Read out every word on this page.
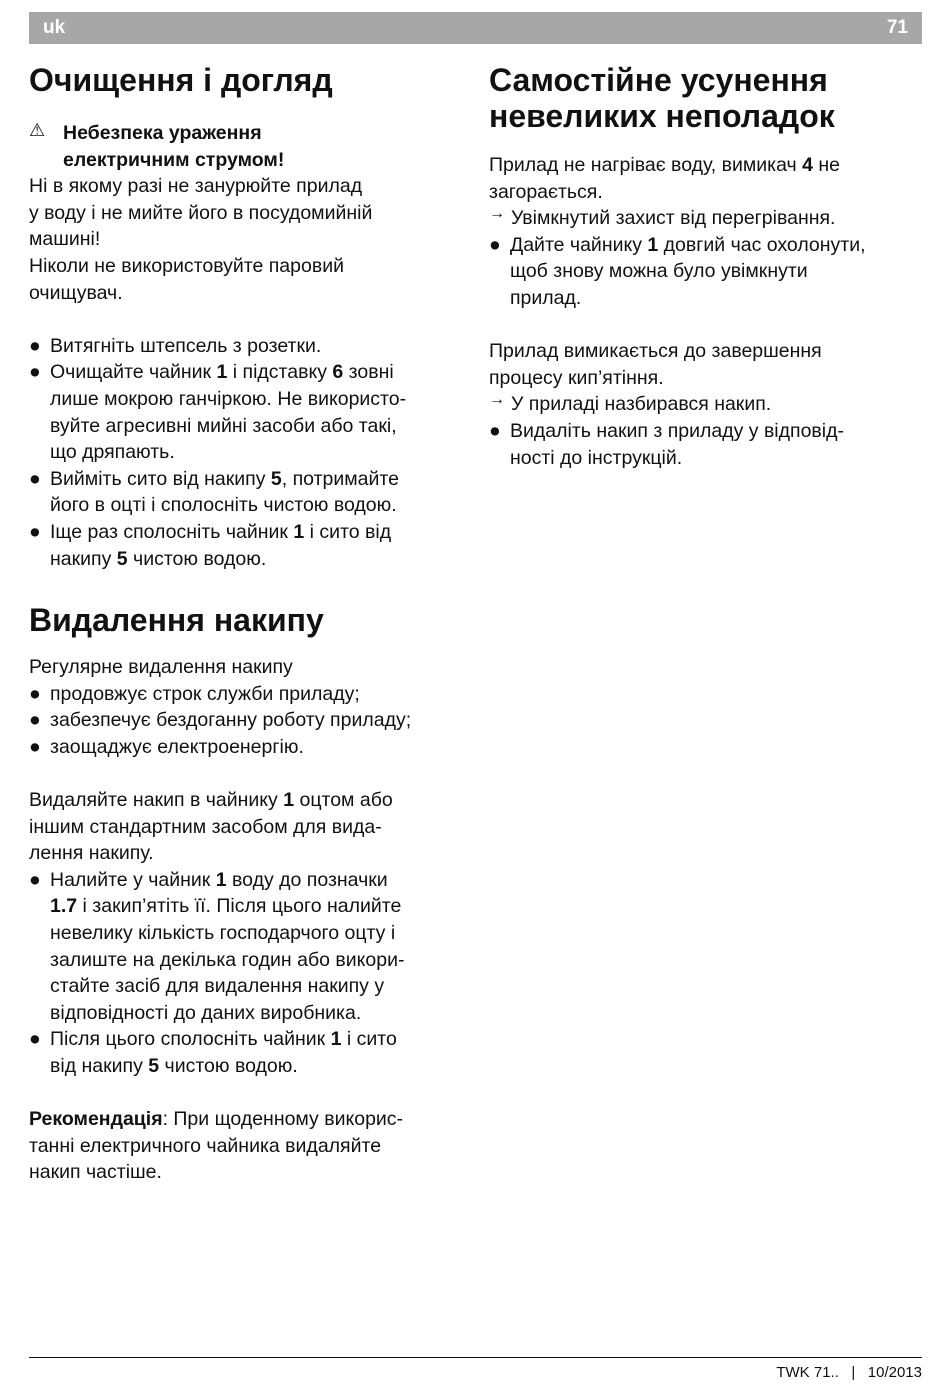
uk	71
Очищення і догляд
⚠ Небезпека ураження

електричним струмом!

Ні в якому разі не занурюйте прилад

у воду і не мийте його в посудомийній

машині!

Ніколи не використовуйте паровий

очищувач.

● Витягніть штепсель з розетки.
● Очищайте чайник 1 і підставку 6 зовні
лише мокрою ганчіркою. Не використо-
вуйте агресивні мийні засоби або такі,
що дряпають.
● Вийміть сито від накипу 5, потримайте
його в оцті і сполосніть чистою водою.
● Іще раз сполосніть чайник 1 і сито від
накипу 5 чистою водою.
Видалення накипу

Регулярне видалення накипу

● продовжує строк служби приладу;
● забезпечує бездоганну роботу приладу;
● заощаджує електроенергію.

Видаляйте накип в чайнику 1 оцтом або

іншим стандартним засобом для вида-

лення накипу.

● Налийте у чайник 1 воду до позначки
1.7 і закип’ятіть її. Після цього налийте
невелику кількість господарчого оцту і
залиште на декілька годин або викори-
стайте засіб для видалення накипу у
відповідності до даних виробника.
● Після цього сполосніть чайник 1 і сито
від накипу 5 чистою водою.

Рекомендація: При щоденному викорис-

танні електричного чайника видаляйте

накип частіше.

Самостійне усунення
невеликих неполадок

Прилад не нагріває воду, вимикач 4 не

загорається.

→ Увімкнутий захист від перегрівання.
● Дайте чайнику 1 довгий час охолонути,
щоб знову можна було увімкнути
прилад.

Прилад вимикається до завершення

процесу кип’ятіння.

→ У приладі назбирався накип.
● Видаліть накип з приладу у відповід-
ності до інструкцій.
TWK 71..   |   10/2013
